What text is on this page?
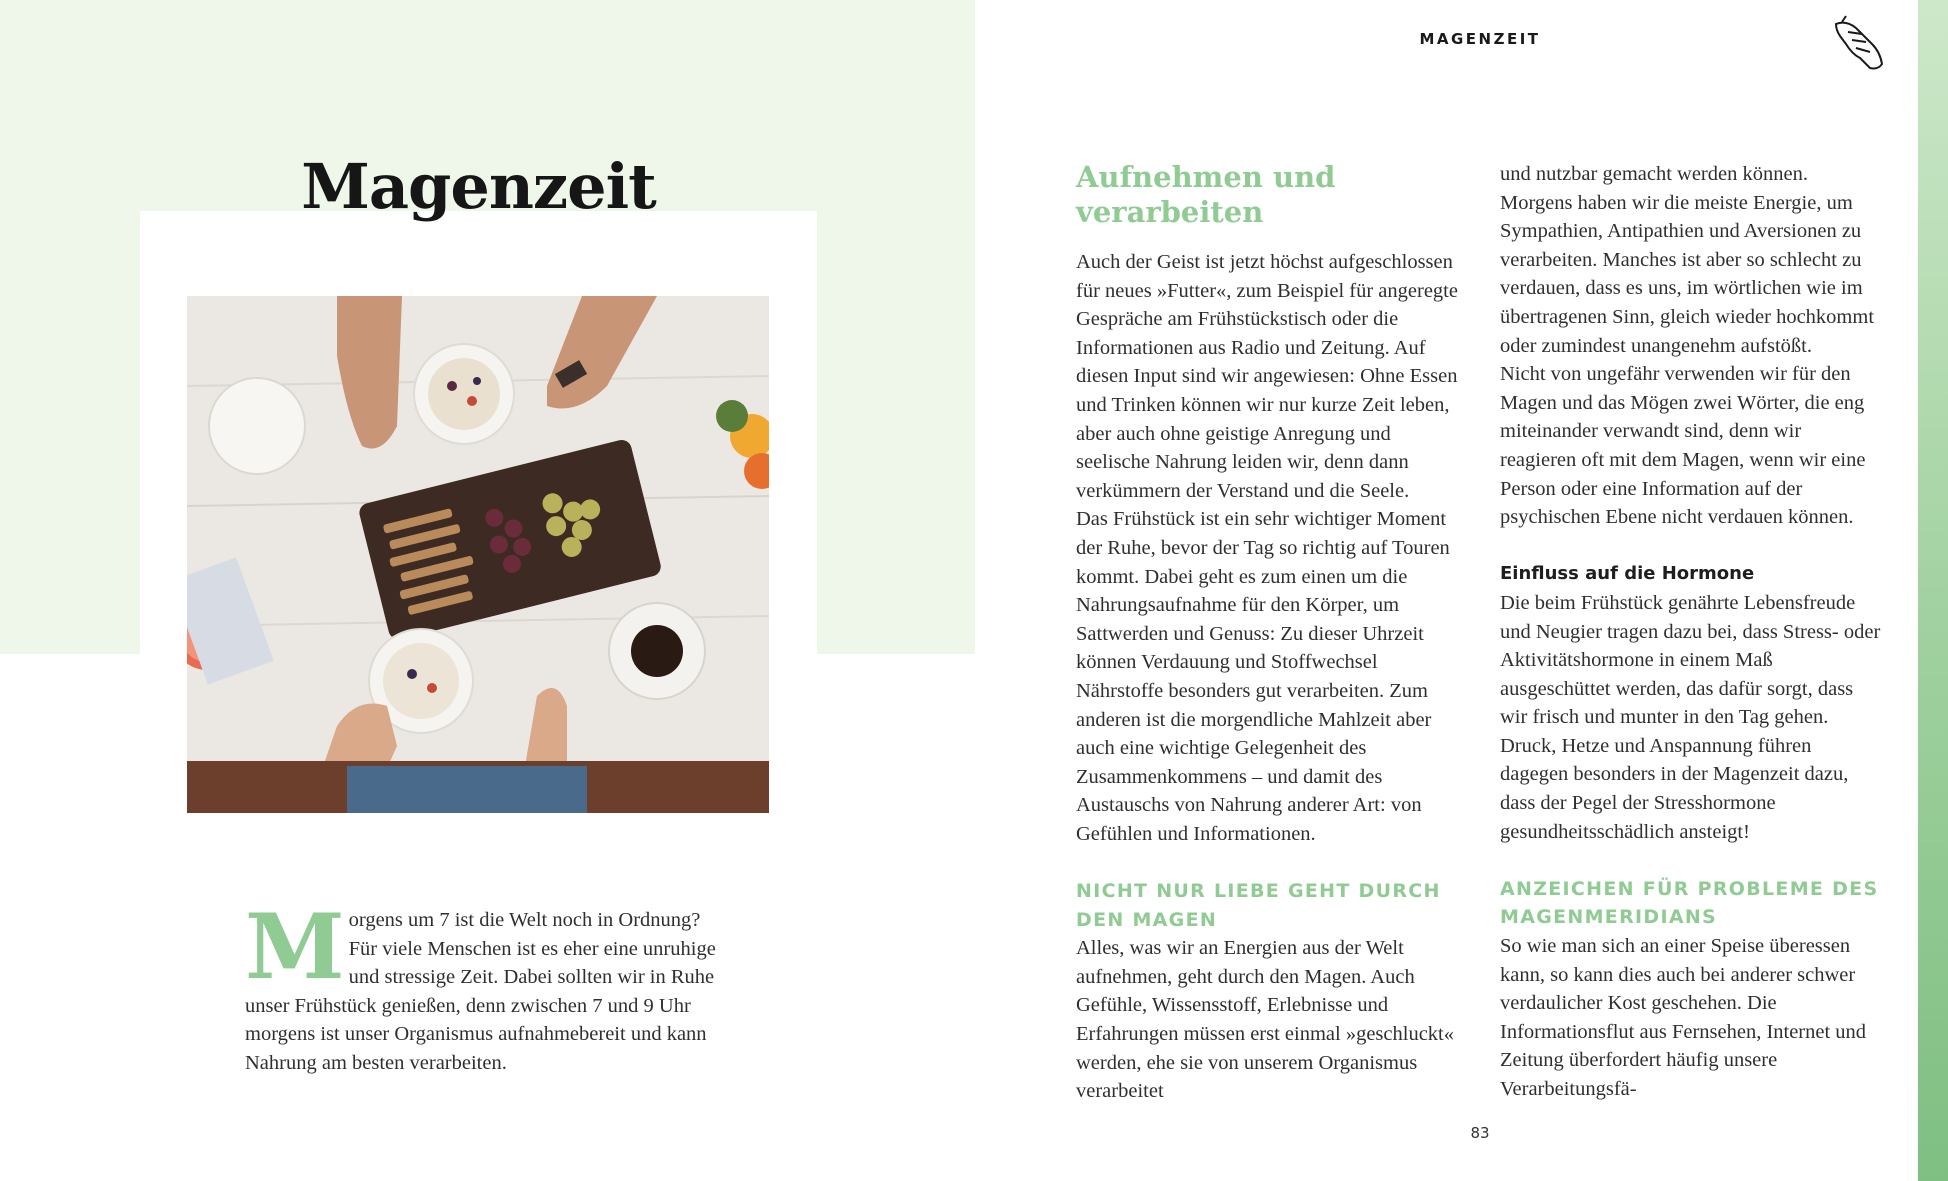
Magenzeit
M orgens um 7 ist die Welt noch in Ordnung? Für viele Menschen ist es eher eine unruhige und stressige Zeit. Dabei sollten wir in Ruhe unser Frühstück genießen, denn zwischen 7 und 9 Uhr morgens ist unser Organismus aufnahmebereit und kann Nahrung am besten verarbeiten.
MAGENZEIT
Aufnehmen und verarbeiten

Auch der Geist ist jetzt höchst aufgeschlossen für neues »Futter«, zum Beispiel für angeregte Gespräche am Frühstückstisch oder die Informationen aus Radio und Zeitung. Auf diesen Input sind wir angewiesen: Ohne Essen und Trinken können wir nur kurze Zeit leben, aber auch ohne geistige Anregung und seelische Nahrung leiden wir, denn dann verkümmern der Verstand und die Seele.

Das Frühstück ist ein sehr wichtiger Moment der Ruhe, bevor der Tag so richtig auf Touren kommt. Dabei geht es zum einen um die Nahrungsaufnahme für den Körper, um Sattwerden und Genuss: Zu dieser Uhrzeit können Verdauung und Stoffwechsel Nährstoffe besonders gut verarbeiten. Zum anderen ist die morgendliche Mahlzeit aber auch eine wichtige Gelegenheit des Zusammenkommens – und damit des Austauschs von Nahrung anderer Art: von Gefühlen und Informationen.

NICHT NUR LIEBE GEHT DURCH DEN MAGEN

Alles, was wir an Energien aus der Welt aufnehmen, geht durch den Magen. Auch Gefühle, Wissensstoff, Erlebnisse und Erfahrungen müssen erst einmal »geschluckt« werden, ehe sie von unserem Organismus verarbeitet

und nutzbar gemacht werden können. Morgens haben wir die meiste Energie, um Sympathien, Antipathien und Aversionen zu verarbeiten. Manches ist aber so schlecht zu verdauen, dass es uns, im wörtlichen wie im übertragenen Sinn, gleich wieder hochkommt oder zumindest unangenehm aufstößt.

Nicht von ungefähr verwenden wir für den Magen und das Mögen zwei Wörter, die eng miteinander verwandt sind, denn wir reagieren oft mit dem Magen, wenn wir eine Person oder eine Information auf der psychischen Ebene nicht verdauen können.

Einfluss auf die Hormone

Die beim Frühstück genährte Lebensfreude und Neugier tragen dazu bei, dass Stress- oder Aktivitätshormone in einem Maß ausgeschüttet werden, das dafür sorgt, dass wir frisch und munter in den Tag gehen. Druck, Hetze und Anspannung führen dagegen besonders in der Magenzeit dazu, dass der Pegel der Stresshormone gesundheitsschädlich ansteigt!

ANZEICHEN FÜR PROBLEME DES MAGENMERIDIANS

So wie man sich an einer Speise überessen kann, so kann dies auch bei anderer schwer verdaulicher Kost geschehen. Die Informationsflut aus Fernsehen, Internet und Zeitung überfordert häufig unsere Verarbeitungsfä-

83
